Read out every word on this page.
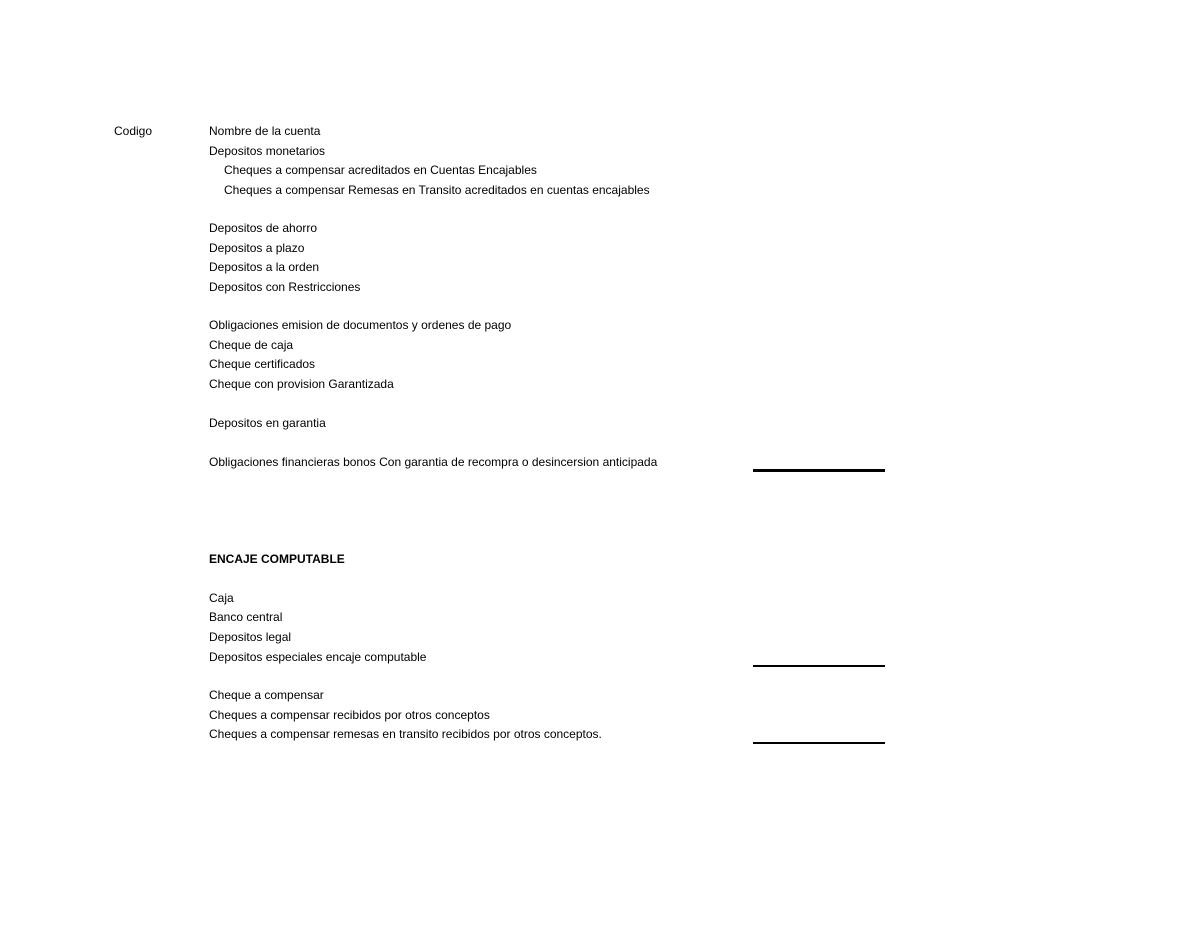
Codigo	Nombre de la cuenta
Depositos monetarios
Cheques a compensar acreditados en Cuentas Encajables
Cheques a compensar Remesas en Transito acreditados en cuentas encajables
Depositos de ahorro
Depositos a plazo
Depositos a la orden
Depositos con Restricciones
Obligaciones emision de documentos y ordenes de pago
Cheque de caja
Cheque certificados
Cheque con provision Garantizada
Depositos en garantia
Obligaciones financieras bonos Con garantia de recompra o desincersion anticipada
ENCAJE COMPUTABLE
Caja
Banco central
Depositos legal
Depositos especiales encaje computable
Cheque a compensar
Cheques a compensar recibidos por otros conceptos
Cheques a compensar remesas en transito recibidos por otros conceptos.
